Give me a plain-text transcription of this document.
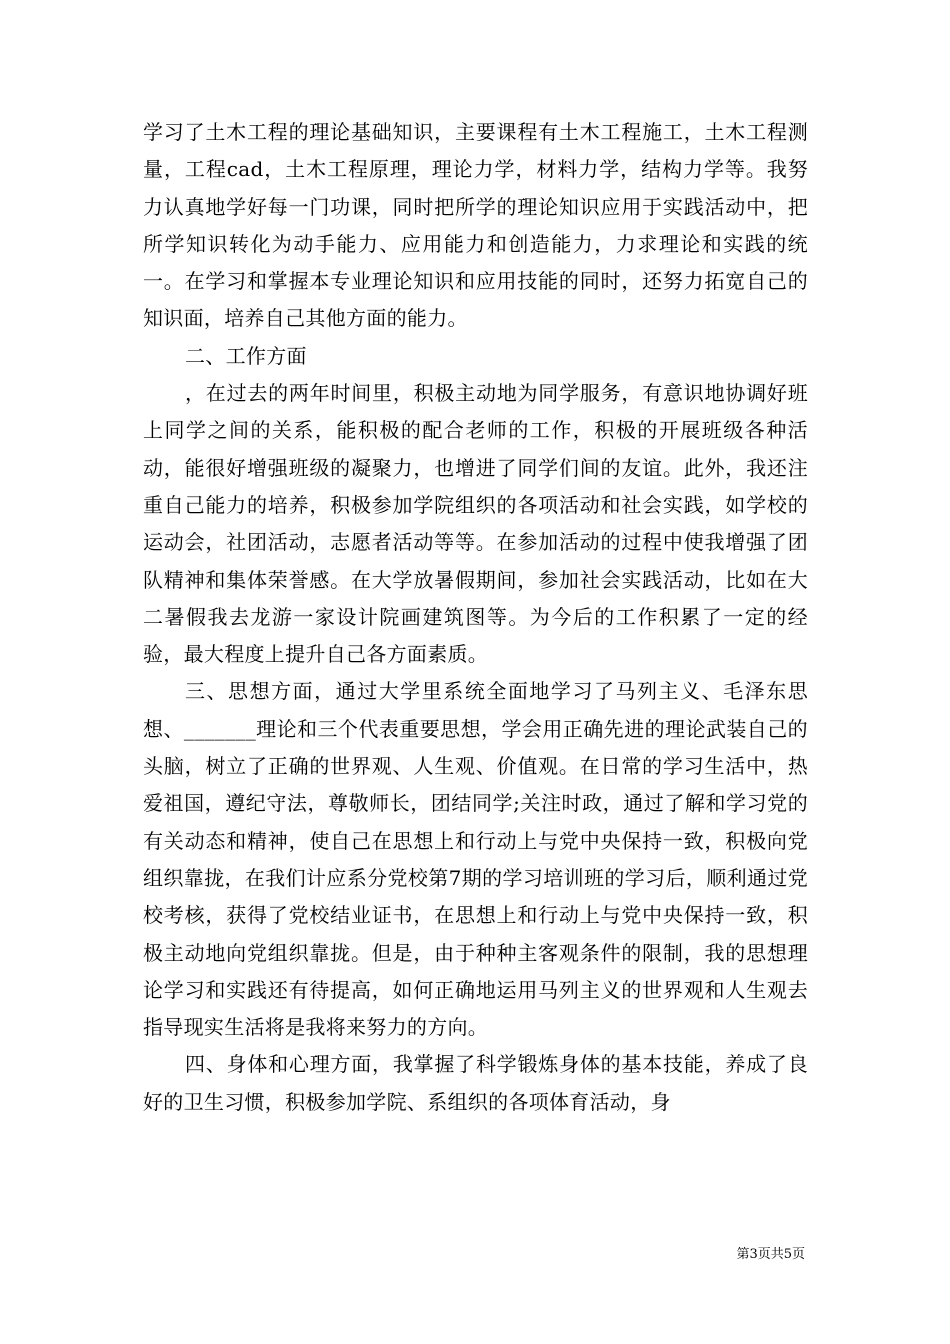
学习了土木工程的理论基础知识，主要课程有土木工程施工，土木工程测量，工程cad，土木工程原理，理论力学，材料力学，结构力学等。我努力认真地学好每一门功课，同时把所学的理论知识应用于实践活动中，把所学知识转化为动手能力、应用能力和创造能力，力求理论和实践的统一。在学习和掌握本专业理论知识和应用技能的同时，还努力拓宽自己的知识面，培养自己其他方面的能力。

二、工作方面

，在过去的两年时间里，积极主动地为同学服务，有意识地协调好班上同学之间的关系，能积极的配合老师的工作，积极的开展班级各种活动，能很好增强班级的凝聚力，也增进了同学们间的友谊。此外，我还注重自己能力的培养，积极参加学院组织的各项活动和社会实践，如学校的运动会，社团活动，志愿者活动等等。在参加活动的过程中使我增强了团队精神和集体荣誉感。在大学放暑假期间，参加社会实践活动，比如在大二暑假我去龙游一家设计院画建筑图等。为今后的工作积累了一定的经验，最大程度上提升自己各方面素质。

三、思想方面，通过大学里系统全面地学习了马列主义、毛泽东思想、_______理论和三个代表重要思想，学会用正确先进的理论武装自己的头脑，树立了正确的世界观、人生观、价值观。在日常的学习生活中，热爱祖国，遵纪守法，尊敬师长，团结同学;关注时政，通过了解和学习党的有关动态和精神，使自己在思想上和行动上与党中央保持一致，积极向党组织靠拢，在我们计应系分党校第7期的学习培训班的学习后，顺利通过党校考核，获得了党校结业证书，在思想上和行动上与党中央保持一致，积极主动地向党组织靠拢。但是，由于种种主客观条件的限制，我的思想理论学习和实践还有待提高，如何正确地运用马列主义的世界观和人生观去指导现实生活将是我将来努力的方向。

四、身体和心理方面，我掌握了科学锻炼身体的基本技能，养成了良好的卫生习惯，积极参加学院、系组织的各项体育活动，身

第3页共5页
